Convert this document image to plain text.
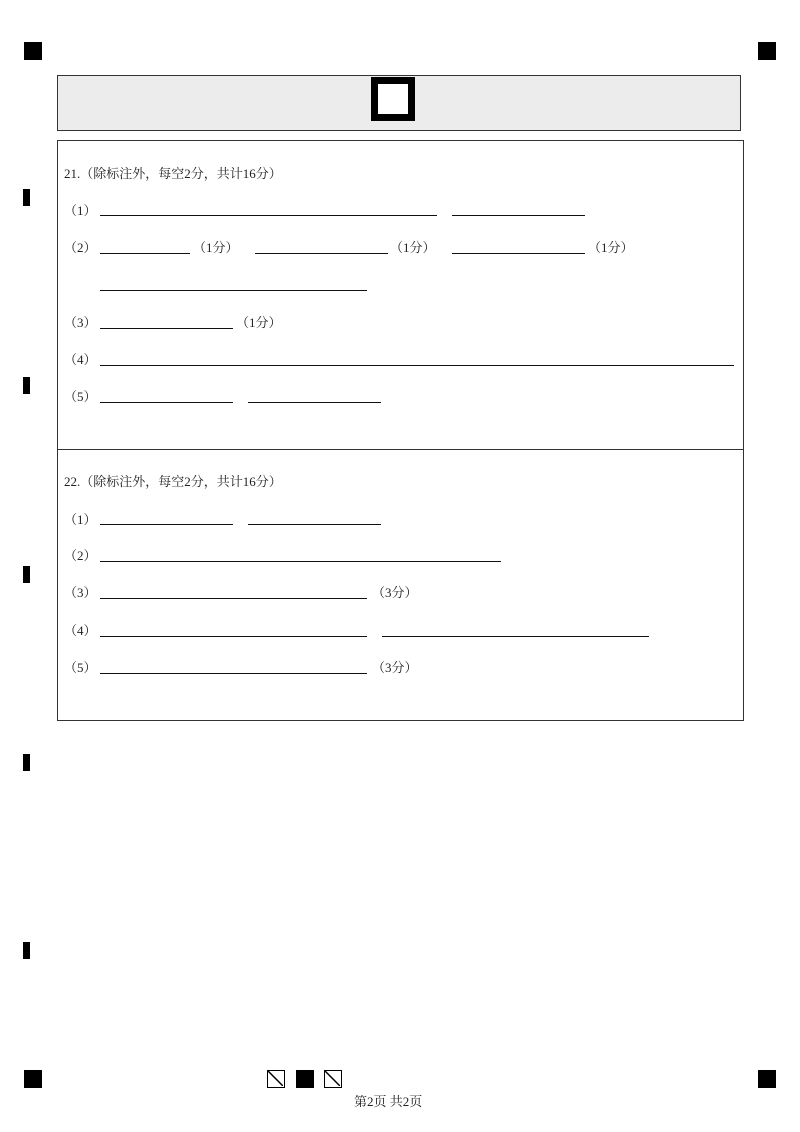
21.（除标注外，每空2分，共计16分）
（1）
（2）	（1分）	（1分）	（1分）
（3）	（1分）
（4）
（5）
22.（除标注外，每空2分，共计16分）
（1）
（2）
（3）	（3分）
（4）
（5）	（3分）
第2页 共2页
